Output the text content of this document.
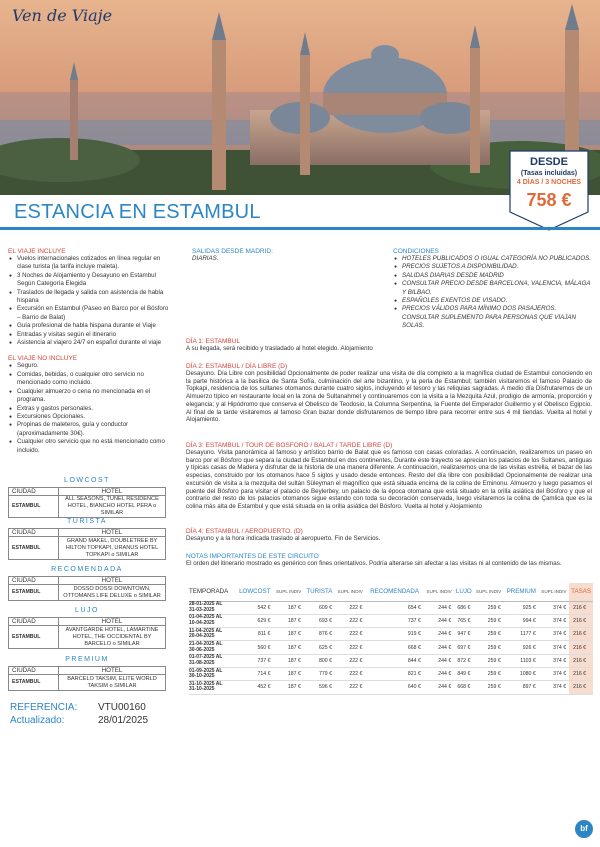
Ven de Viaje
DESDE
(Tasas incluidas)
4 DÍAS / 3 NOCHES
758 €
ESTANCIA EN ESTAMBUL
EL VIAJE INCLUYE
● Vuelos internacionales cotizados en línea regular en clase turista (la tarifa incluye maleta).
● 3 Noches de Alojamiento y Desayuno en Estambul Según Categoría Elegida
● Traslados de llegada y salida con asistencia de habla hispana
● Excursión en Estambul (Paseo en Barco por el Bósforo – Barrio de Balat)
● Guía profesional de habla hispana durante el Viaje
● Entradas y visitas según el itinerario
● Asistencia al viajero 24/7 en español durante el viaje
EL VIAJE NO INCLUYE
● Seguro.
● Comidas, bebidas, o cualquier otro servicio no mencionado como incluido.
● Cualquier almuerzo o cena no mencionada en el programa.
● Extras y gastos personales.
● Excursiones Opcionales.
● Propinas de maleteros, guía y conductor (aproximadamente 30€).
● Cualquier otro servicio que no está mencionado como incluido.
SALIDAS DESDE MADRID:
DIARIAS.
CONDICIONES
● HOTELES PUBLICADOS O IGUAL CATEGORÍA NO PUBLICADOS.
● PRECIOS SUJETOS A DISPONIBILIDAD.
● SALIDAS DIARIAS DESDE MADRID
● CONSULTAR PRECIO DESDE BARCELONA, VALENCIA, MÁLAGA Y BILBAO.
● ESPAÑOLES EXENTOS DE VISADO.
● PRECIOS VÁLIDOS PARA MÍNIMO DOS PASAJEROS. CONSULTAR SUPLEMENTO PARA PERSONAS QUE VIAJAN SOLAS.
LOWCOST
CIUDAD	HOTEL
ESTAMBUL	ALL SEASONS, TUNEL RESIDENCE HOTEL, BIANCHO HOTEL PERA o SIMILAR
TURISTA
CIUDAD	HOTEL
ESTAMBUL	GRAND MAKEL, DOUBLETREE BY HILTON TOPKAPI, URANUS HOTEL TOPKAPI o SIMILAR
RECOMENDADA
CIUDAD	HOTEL
ESTAMBUL	DOSSO DOSSI DOWNTOWN, OTTOMANS LIFE DELUXE o SIMILAR
LUJO
CIUDAD	HOTEL
ESTAMBUL	AVANTGARDE HOTEL, LAMARTINE HOTEL, THE OCCIDENTAL BY BARCELO o SIMILAR
PREMIUM
CIUDAD	HOTEL
ESTAMBUL	BARCELO TAKSIM, ELITE WORLD TAKSIM o SIMILAR
REFERENCIA: VTU00160
Actualizado:	28/01/2025
DÍA 1: ESTAMBUL
A su llegada, será recibido y trasladado al hotel elegido. Alojamiento
DÍA 2: ESTAMBUL / DÍA LIBRE (D)
Desayuno. Día Libre con posibilidad Opcionalmente de poder realizar una visita de día completo a la magnífica ciudad de Estambul conociendo en la parte histórica a la basílica de Santa Sofía, culminación del arte bizantino, y la perla de Estambul; también visitaremos el famoso Palacio de Topkapi, residencia de los sultanes otomanos durante cuatro siglos, incluyendo el tesoro y las reliquias sagradas. A medio día Disfrutaremos de un Almuerzo típico en restaurante local en la zona de Sultanahmet y continuaremos con la visita a la Mezquita Azul, prodigio de armonía, proporción y elegancia; y al Hipódromo que conserva el Obelisco de Teodosio, la Columna Serpentina, la Fuente del Emperador Guillermo y el Obelisco Egipcio. Al final de la tarde visitaremos al famoso Gran bazar donde disfrutaremos de tiempo libre para recorrer entre sus 4 mil tiendas. Vuelta al hotel y Alojamiento.
DÍA 3: ESTAMBUL / TOUR DE BOSFORO / BALAT / TARDE LIBRE (D)
Desayuno. Visita panorámica al famoso y artístico barrio de Balat que es famoso con casas coloradas. A continuación, realizaremos un paseo en barco por el Bósforo que separa la ciudad de Estambul en dos continentes, Durante este trayecto se aprecian los palacios de los Sultanes, antiguas y típicas casas de Madera y disfrutar de la historia de una manera diferente. A continuación, realizaremos una de las visitas estrella, el bazar de las especias, construido por los otomanos hace 5 siglos y usado desde entonces. Resto del día libre con posibilidad Opcionalmente de realizar una excursión de visita a la mezquita del sultán Süleyman el magnífico que está situada encima de la colina de Eminonu. Almuerzo y luego pasamos el puente del Bósforo para visitar el palacio de Beylerbey, un palacio de la época otomana que está situado en la orilla asiática del Bósforo y que el contrario del resto de los palacios otomanos sigue estando con toda su decoración conservada, luego visitaremos la colina de Çamlica que es la colina más alta de Estambul y que está situada en la orilla asiática del Bósforo. Vuelta al hotel y Alojamiento
DÍA 4: ESTAMBUL / AEROPUERTO. (D)
Desayuno y a la hora indicada traslado al aeropuerto. Fin de Servicios.
NOTAS IMPORTANTES DE ESTE CIRCUITO
El orden del itinerario mostrado es genérico con fines orientativos. Podría alterarse sin afectar a las visitas ni al contenido de las mismas.
TEMPORADA	LOWCOST	SUPL INDIV	TURISTA	SUPL INDIV	RECOMENDADA	SUPL INDIV	LUJO	SUPL INDIV	PREMIUM	SUPL INDIV	TASAS

28-01-2025 AL
31-03-2025	542 €	187 €	609 €	222 €	654 €	244 €	686 €	259 €	925 €	374 €	216 €

01-04-2025 AL
10-04-2025	629 €	187 €	693 €	222 €	737 €	244 €	765 €	259 €	994 €	374 €	216 €

11-04-2025 AL
20-04-2025	811 €	187 €	876 €	222 €	919 €	244 €	947 €	259 €	1177 €	374 €	216 €

21-04-2025 AL
30-06-2025	560 €	187 €	625 €	222 €	668 €	244 €	697 €	259 €	926 €	374 €	216 €

01-07-2025 AL
31-08-2025	737 €	187 €	800 €	222 €	844 €	244 €	872 €	259 €	1103 €	374 €	216 €

01-09-2025 AL
30-10-2025	714 €	187 €	779 €	222 €	821 €	244 €	849 €	259 €	1080 €	374 €	216 €

31-10-2025 AL
31-10-2025	452 €	187 €	596 €	222 €	640 €	244 €	668 €	259 €	897 €	374 €	216 €
bf
